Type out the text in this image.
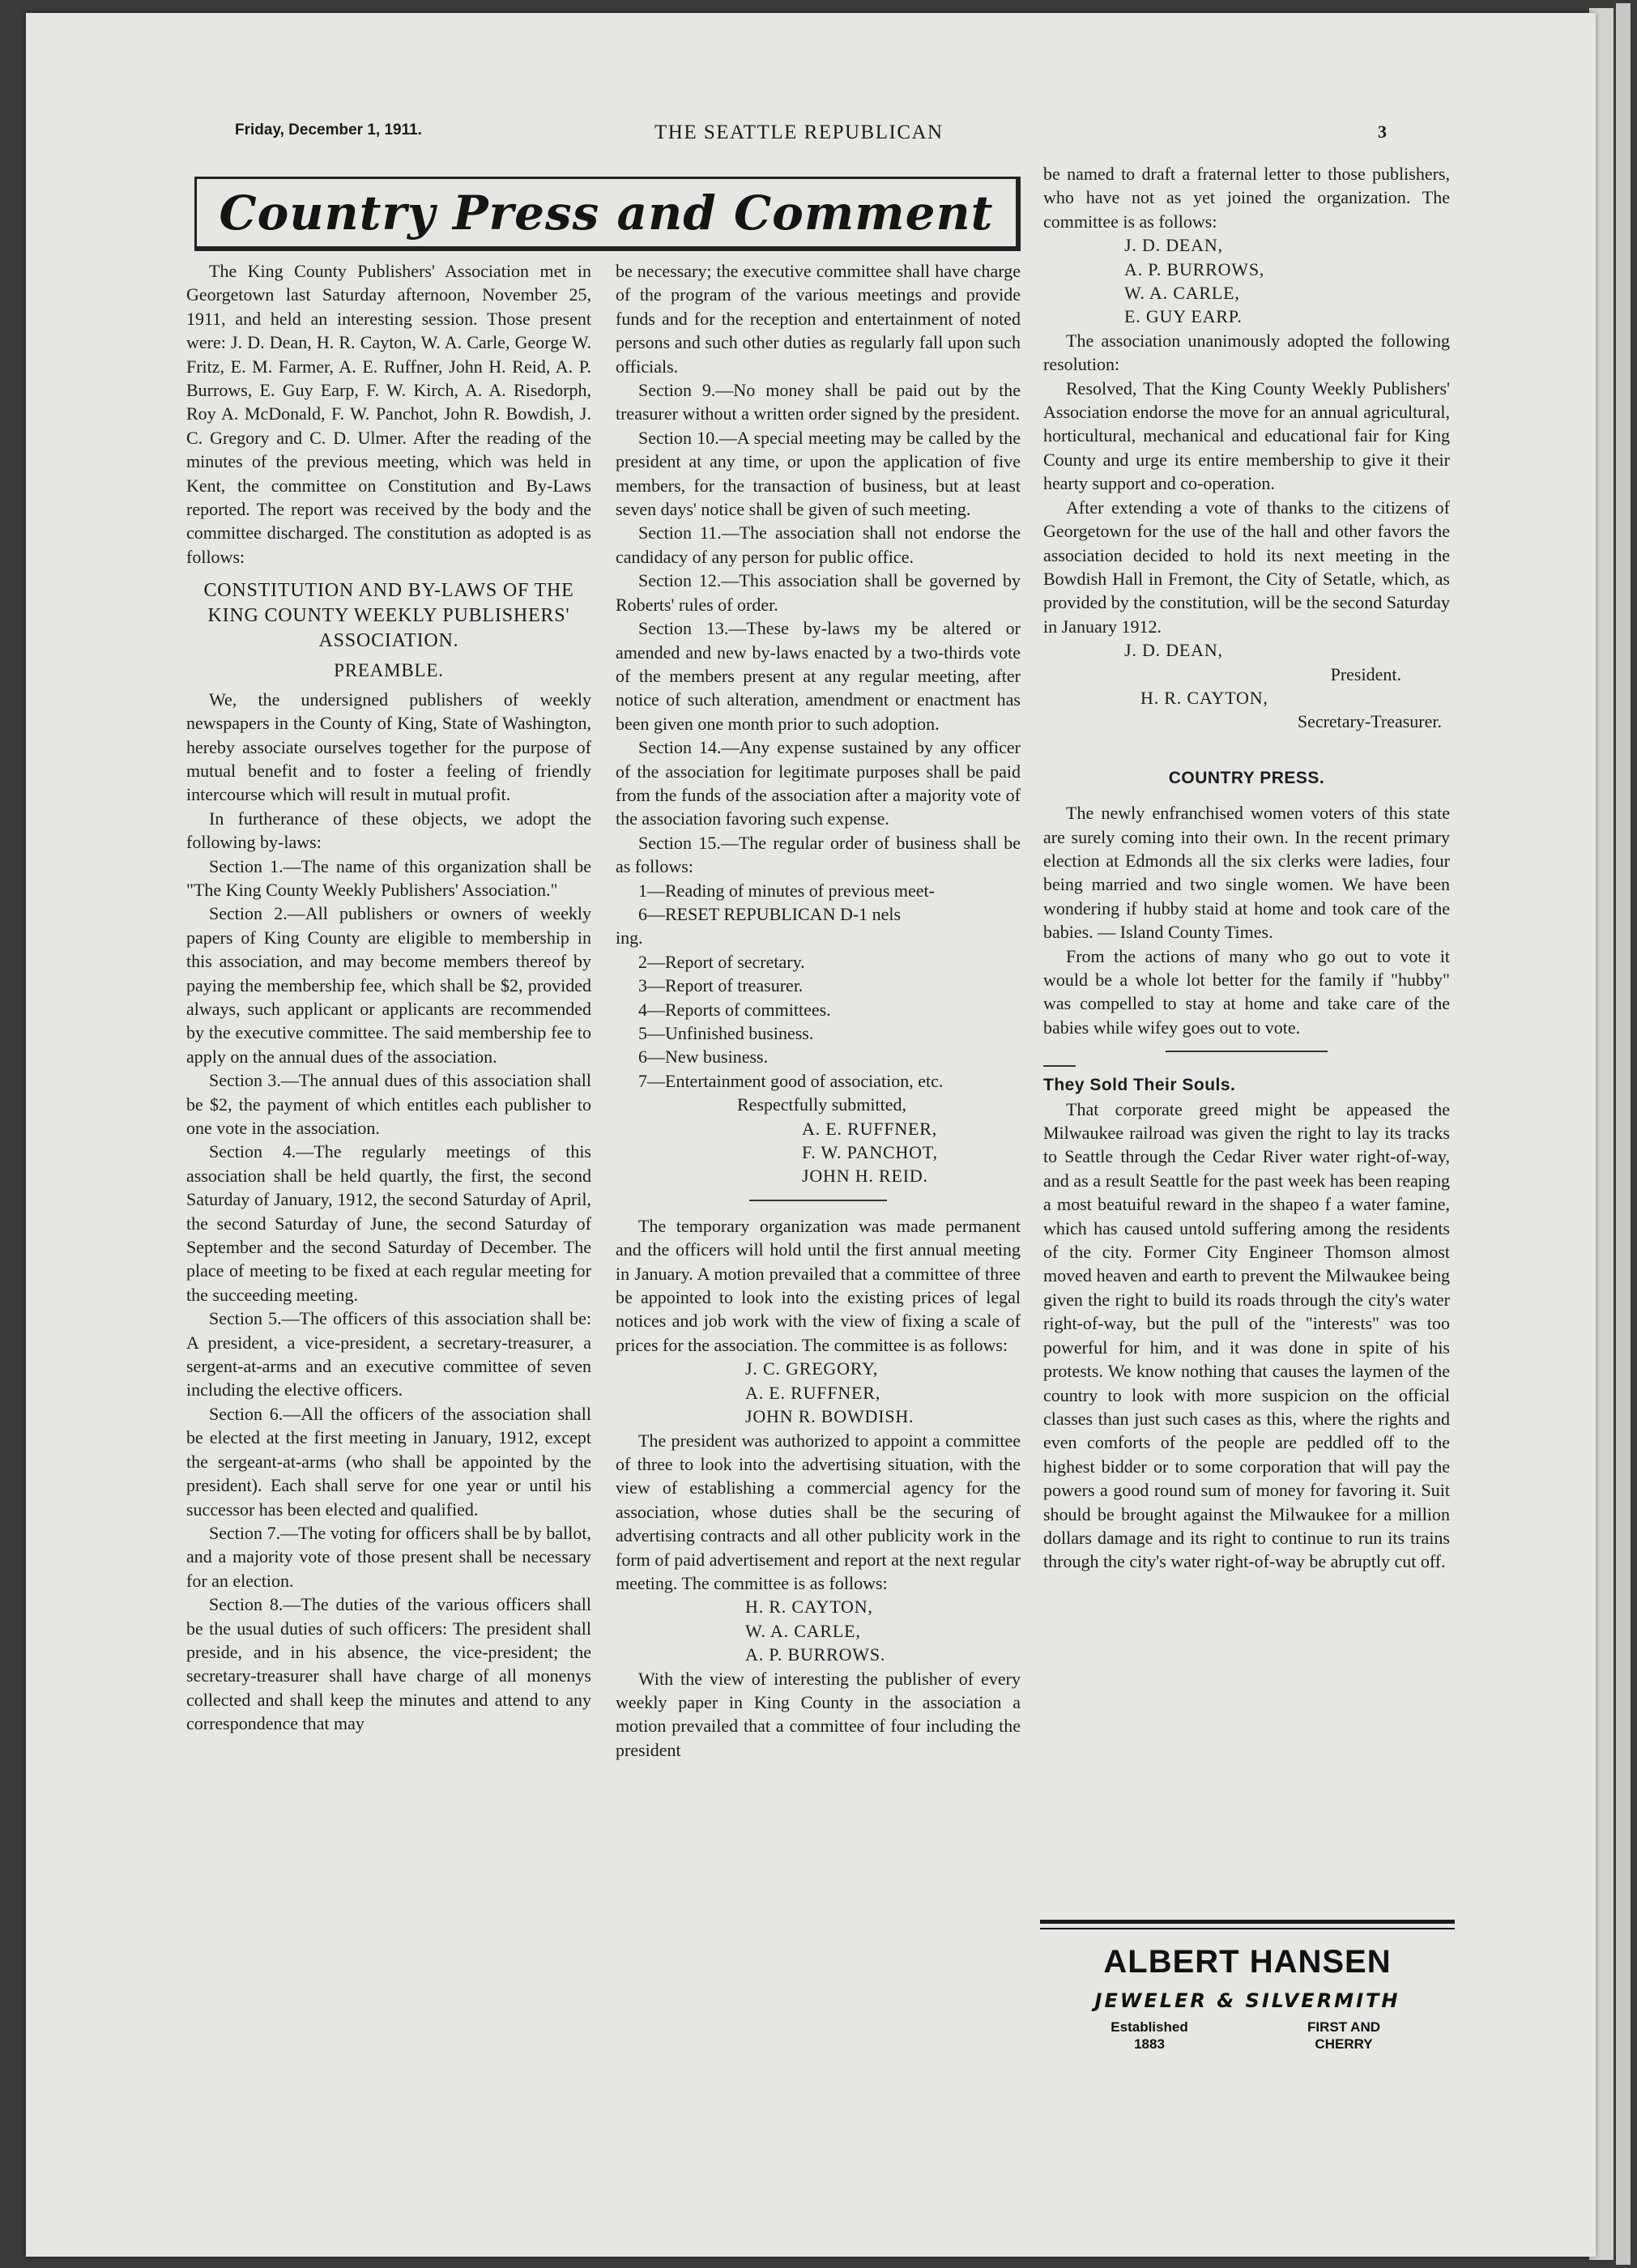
Friday, December 1, 1911.	THE SEATTLE REPUBLICAN	3
Country Press and Comment

The King County Publishers' Association met in Georgetown last Saturday afternoon, November 25, 1911, and held an interesting session. Those present were: J. D. Dean, H. R. Cayton, W. A. Carle, George W. Fritz, E. M. Farmer, A. E. Ruffner, John H. Reid, A. P. Burrows, E. Guy Earp, F. W. Kirch, A. A. Risedorph, Roy A. McDonald, F. W. Panchot, John R. Bowdish, J. C. Gregory and C. D. Ulmer. After the reading of the minutes of the previous meeting, which was held in Kent, the committee on Constitution and By-Laws reported. The report was received by the body and the committee discharged. The constitution as adopted is as follows:

CONSTITUTION AND BY-LAWS OF THE KING COUNTY WEEKLY PUBLISHERS' ASSOCIATION.

PREAMBLE.

We, the undersigned publishers of weekly newspapers in the County of King, State of Washington, hereby associate ourselves together for the purpose of mutual benefit and to foster a feeling of friendly intercourse which will result in mutual profit.

In furtherance of these objects, we adopt the following by-laws:

Section 1.—The name of this organization shall be "The King County Weekly Publishers' Association."

Section 2.—All publishers or owners of weekly papers of King County are eligible to membership in this association, and may become members thereof by paying the membership fee, which shall be $2, provided always, such applicant or applicants are recommended by the executive committee. The said membership fee to apply on the annual dues of the association.

Section 3.—The annual dues of this association shall be $2, the payment of which entitles each publisher to one vote in the association.

Section 4.—The regularly meetings of this association shall be held quartly, the first, the second Saturday of January, 1912, the second Saturday of April, the second Saturday of June, the second Saturday of September and the second Saturday of December. The place of meeting to be fixed at each regular meeting for the succeeding meeting.

Section 5.—The officers of this association shall be: A president, a vice-president, a secretary-treasurer, a sergent-at-arms and an executive committee of seven including the elective officers.

Section 6.—All the officers of the association shall be elected at the first meeting in January, 1912, except the sergeant-at-arms (who shall be appointed by the president). Each shall serve for one year or until his successor has been elected and qualified.

Section 7.—The voting for officers shall be by ballot, and a majority vote of those present shall be necessary for an election.

Section 8.—The duties of the various officers shall be the usual duties of such officers: The president shall preside, and in his absence, the vice-president; the secretary-treasurer shall have charge of all monenys collected and shall keep the minutes and attend to any correspondence that may

be necessary; the executive committee shall have charge of the program of the various meetings and provide funds and for the reception and entertainment of noted persons and such other duties as regularly fall upon such officials.

Section 9.—No money shall be paid out by the treasurer without a written order signed by the president.

Section 10.—A special meeting may be called by the president at any time, or upon the application of five members, for the transaction of business, but at least seven days' notice shall be given of such meeting.

Section 11.—The association shall not endorse the candidacy of any person for public office.

Section 12.—This association shall be governed by Roberts' rules of order.

Section 13.—These by-laws my be altered or amended and new by-laws enacted by a two-thirds vote of the members present at any regular meeting, after notice of such alteration, amendment or enactment has been given one month prior to such adoption.

Section 14.—Any expense sustained by any officer of the association for legitimate purposes shall be paid from the funds of the association after a majority vote of the association favoring such expense.

Section 15.—The regular order of business shall be as follows:

1—Reading of minutes of previous meet-

6—RESET REPUBLICAN D-1 nels

ing.

2—Report of secretary.

3—Report of treasurer.

4—Reports of committees.

5—Unfinished business.

6—New business.

7—Entertainment good of association, etc.

Respectfully submitted,

A. E. RUFFNER,

F. W. PANCHOT,

JOHN H. REID.

The temporary organization was made permanent and the officers will hold until the first annual meeting in January. A motion prevailed that a committee of three be appointed to look into the existing prices of legal notices and job work with the view of fixing a scale of prices for the association. The committee is as follows:

J. C. GREGORY,

A. E. RUFFNER,

JOHN R. BOWDISH.

The president was authorized to appoint a committee of three to look into the advertising situation, with the view of establishing a commercial agency for the association, whose duties shall be the securing of advertising contracts and all other publicity work in the form of paid advertisement and report at the next regular meeting. The committee is as follows:

H. R. CAYTON,

W. A. CARLE,

A. P. BURROWS.

With the view of interesting the publisher of every weekly paper in King County in the association a motion prevailed that a committee of four including the president

be named to draft a fraternal letter to those publishers, who have not as yet joined the organization. The committee is as follows:

J. D. DEAN,

A. P. BURROWS,

W. A. CARLE,

E. GUY EARP.

The association unanimously adopted the following resolution:

Resolved, That the King County Weekly Publishers' Association endorse the move for an annual agricultural, horticultural, mechanical and educational fair for King County and urge its entire membership to give it their hearty support and co-operation.

After extending a vote of thanks to the citizens of Georgetown for the use of the hall and other favors the association decided to hold its next meeting in the Bowdish Hall in Fremont, the City of Setatle, which, as provided by the constitution, will be the second Saturday in January 1912.

J. D. DEAN,

President.

H. R. CAYTON,

Secretary-Treasurer.

COUNTRY PRESS.

The newly enfranchised women voters of this state are surely coming into their own. In the recent primary election at Edmonds all the six clerks were ladies, four being married and two single women. We have been wondering if hubby staid at home and took care of the babies. — Island County Times.

From the actions of many who go out to vote it would be a whole lot better for the family if "hubby" was compelled to stay at home and take care of the babies while wifey goes out to vote.

They Sold Their Souls.

That corporate greed might be appeased the Milwaukee railroad was given the right to lay its tracks to Seattle through the Cedar River water right-of-way, and as a result Seattle for the past week has been reaping a most beatuiful reward in the shapeo f a water famine, which has caused untold suffering among the residents of the city. Former City Engineer Thomson almost moved heaven and earth to prevent the Milwaukee being given the right to build its roads through the city's water right-of-way, but the pull of the "interests" was too powerful for him, and it was done in spite of his protests. We know nothing that causes the laymen of the country to look with more suspicion on the official classes than just such cases as this, where the rights and even comforts of the people are peddled off to the highest bidder or to some corporation that will pay the powers a good round sum of money for favoring it. Suit should be brought against the Milwaukee for a million dollars damage and its right to continue to run its trains through the city's water right-of-way be abruptly cut off.

ALBERT HANSEN
JEWELER & SILVERMITH
Established
1883
FIRST AND
CHERRY
